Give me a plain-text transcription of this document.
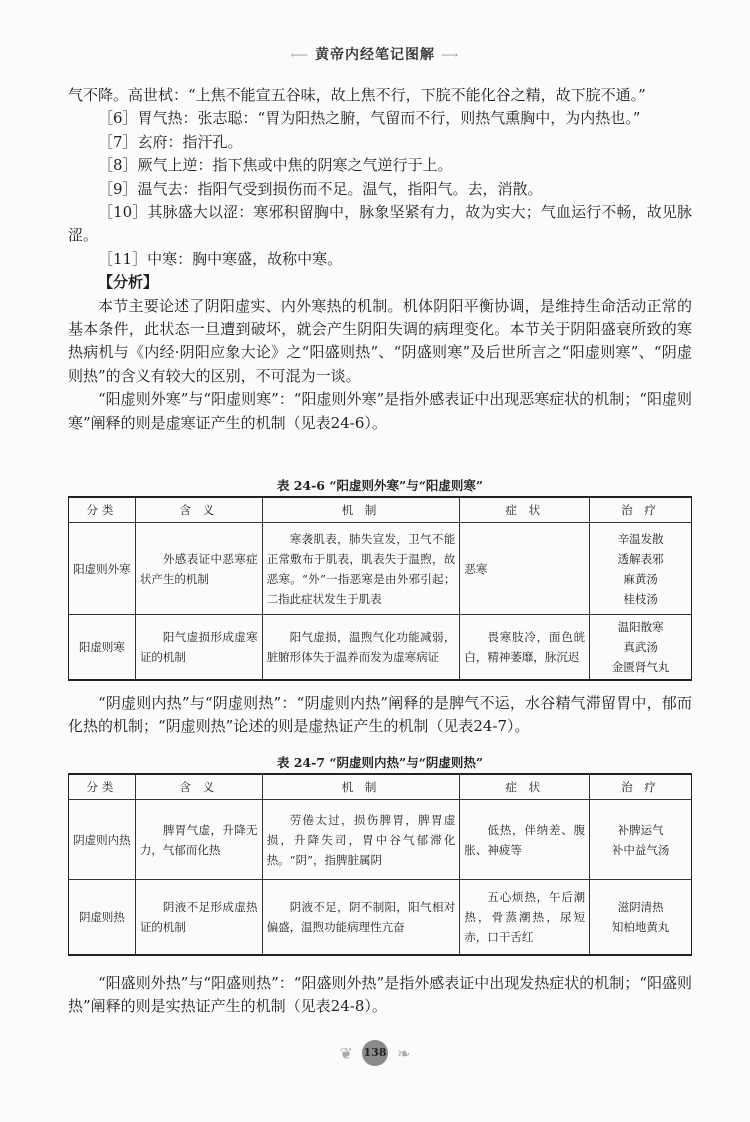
⟵ 黄帝内经笔记图解 ⟶

气不降。高世栻：“上焦不能宣五谷味，故上焦不行，下脘不能化谷之精，故下脘不通。”

［6］胃气热：张志聪：“胃为阳热之腑，气留而不行，则热气熏胸中，为内热也。”

［7］玄府：指汗孔。

［8］厥气上逆：指下焦或中焦的阴寒之气逆行于上。

［9］温气去：指阳气受到损伤而不足。温气，指阳气。去，消散。

［10］其脉盛大以涩：寒邪积留胸中，脉象坚紧有力，故为实大；气血运行不畅，故见脉涩。

［11］中寒：胸中寒盛，故称中寒。

【分析】

本节主要论述了阴阳虚实、内外寒热的机制。机体阴阳平衡协调，是维持生命活动正常的基本条件，此状态一旦遭到破坏，就会产生阴阳失调的病理变化。本节关于阴阳盛衰所致的寒热病机与《内经·阴阳应象大论》之“阳盛则热”、“阴盛则寒”及后世所言之“阳虚则寒”、“阴虚则热”的含义有较大的区别，不可混为一谈。

“阳虚则外寒”与“阳虚则寒”：“阳虚则外寒”是指外感表证中出现恶寒症状的机制；“阳虚则寒”阐释的则是虚寒证产生的机制（见表24-6）。

表 24-6 “阳虚则外寒”与“阳虚则寒”
分类	含 义	机 制	症 状	治 疗
阳虚则外寒	外感表证中恶寒症状产生的机制	寒袭肌表，肺失宣发，卫气不能正常敷布于肌表，肌表失于温煦，故恶寒。“外”一指恶寒是由外邪引起；二指此症状发生于肌表	恶寒	辛温发散
透解表邪
麻黄汤
桂枝汤

阳虚则寒	阳气虚损形成虚寒证的机制	阳气虚损，温煦气化功能减弱，脏腑形体失于温养而发为虚寒病证	畏寒肢冷，面色㿠白，精神萎靡，脉沉迟	温阳散寒
真武汤
金匮肾气丸

“阴虚则内热”与“阴虚则热”：“阴虚则内热”阐释的是脾气不运，水谷精气滞留胃中，郁而化热的机制；“阴虚则热”论述的则是虚热证产生的机制（见表24-7）。

表 24-7 “阴虚则内热”与“阴虚则热”
分类	含 义	机 制	症 状	治 疗
阴虚则内热	脾胃气虚，升降无力，气郁而化热	劳倦太过，损伤脾胃，脾胃虚损，升降失司，胃中谷气郁滞化热。“阴”，指脾脏属阴	低热，伴纳差、腹胀、神疲等	补脾运气
补中益气汤

阴虚则热	阴液不足形成虚热证的机制	阴液不足，阴不制阳，阳气相对偏盛，温煦功能病理性亢奋	五心烦热，午后潮热，骨蒸潮热，尿短赤，口干舌红	滋阴清热
知柏地黄丸

“阳盛则外热”与“阳盛则热”：“阳盛则外热”是指外感表证中出现发热症状的机制；“阳盛则热”阐释的则是实热证产生的机制（见表24-8）。

❦ 138 ❧
